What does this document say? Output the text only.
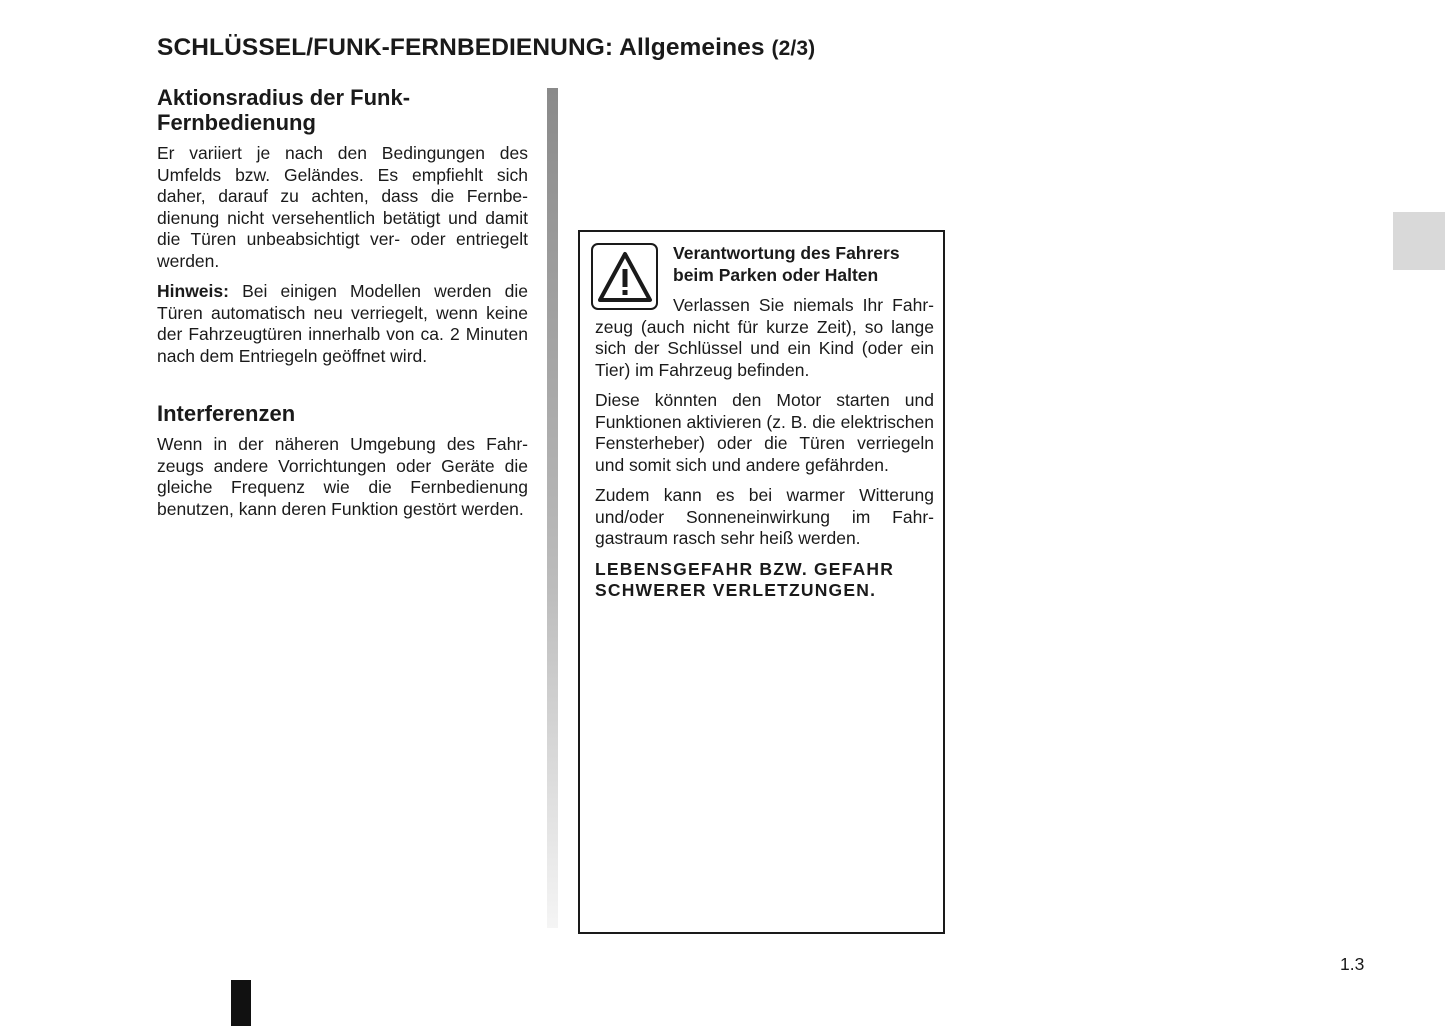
SCHLÜSSEL/FUNK-FERNBEDIENUNG: Allgemeines (2/3)
Aktionsradius der Funk-Fernbedienung

Er variiert je nach den Bedingungen des Umfelds bzw. Geländes. Es empfiehlt sich daher, darauf zu achten, dass die Fernbedienung nicht versehentlich betätigt und damit die Türen unbeabsichtigt ver- oder entriegelt werden.

Hinweis: Bei einigen Modellen werden die Türen automatisch neu verriegelt, wenn keine der Fahrzeugtüren innerhalb von ca. 2 Minuten nach dem Entriegeln geöffnet wird.

Interferenzen

Wenn in der näheren Umgebung des Fahrzeugs andere Vorrichtungen oder Geräte die gleiche Frequenz wie die Fernbedienung benutzen, kann deren Funktion gestört werden.

Verantwortung des Fahrers beim Parken oder Halten

Verlassen Sie niemals Ihr Fahrzeug (auch nicht für kurze Zeit), so lange sich der Schlüssel und ein Kind (oder ein Tier) im Fahrzeug befinden.

Diese könnten den Motor starten und Funktionen aktivieren (z. B. die elektrischen Fensterheber) oder die Türen verriegeln und somit sich und andere gefährden.

Zudem kann es bei warmer Witterung und/oder Sonneneinwirkung im Fahrgastraum rasch sehr heiß werden.

LEBENSGEFAHR BZW. GEFAHR SCHWERER VERLETZUNGEN.

1.3
